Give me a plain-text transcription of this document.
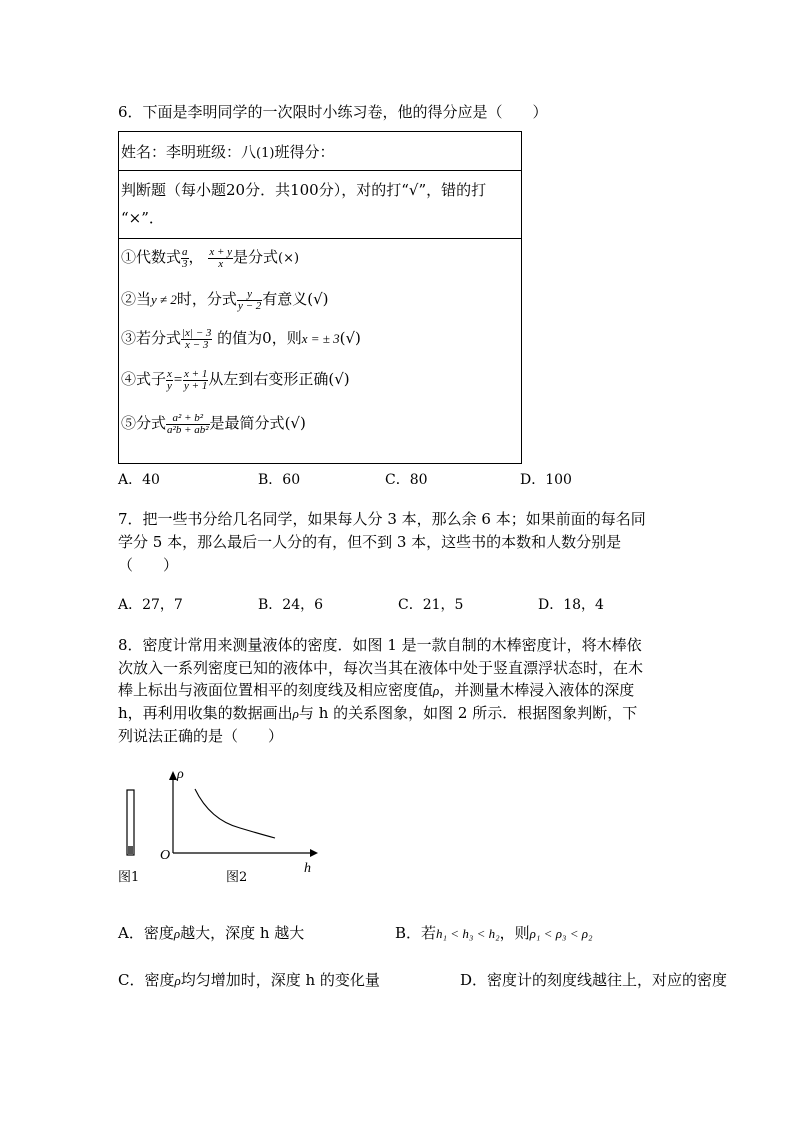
6．下面是李明同学的一次限时小练习卷，他的得分应是（　　）
姓名：李明班级：八(1)班得分：
判断题（每小题20分．共100分），对的打“√”，错的打
“×”．
①代数式 $\frac{a}{3}$ ， $\frac{x + y}{x}$ 是分式(×)
②当y ≠ 2时，分式 $\frac{y}{y - 2}$ 有意义(√)
③若分式 $\frac{|x| - 3}{x - 3}$ 的值为0，则x = ± 3(√)
④式子 $\frac{x}{y} = \frac{x + 1}{y + 1}$ 从左到右变形正确(√)
⑤分式 $\frac{\text{a² + b²}}{\text{a²b + ab²}}$ 是最简分式(√)
A．40	B．60	C．80	D．100
7．把一些书分给几名同学，如果每人分 3 本，那么余 6 本；如果前面的每名同
学分 5 本，那么最后一人分的有，但不到 3 本，这些书的本数和人数分别是
（　　）
A．27，7	B．24，6	C．21，5	D．18，4
8．密度计常用来测量液体的密度．如图 1 是一款自制的木棒密度计，将木棒依
次放入一系列密度已知的液体中，每次当其在液体中处于竖直漂浮状态时，在木
棒上标出与液面位置相平的刻度线及相应密度值ρ，并测量木棒浸入液体的深度
h，再利用收集的数据画出ρ与 h 的关系图象，如图 2 所示．根据图象判断，下
列说法正确的是（　　）
ρ
h
O
图1	图2
A．密度ρ越大，深度 h 越大	B．若h₁ < h₃ < h₂，则ρ₁ < ρ₃ < ρ₂
C．密度ρ均匀增加时，深度 h 的变化量	D．密度计的刻度线越往上，对应的密度
